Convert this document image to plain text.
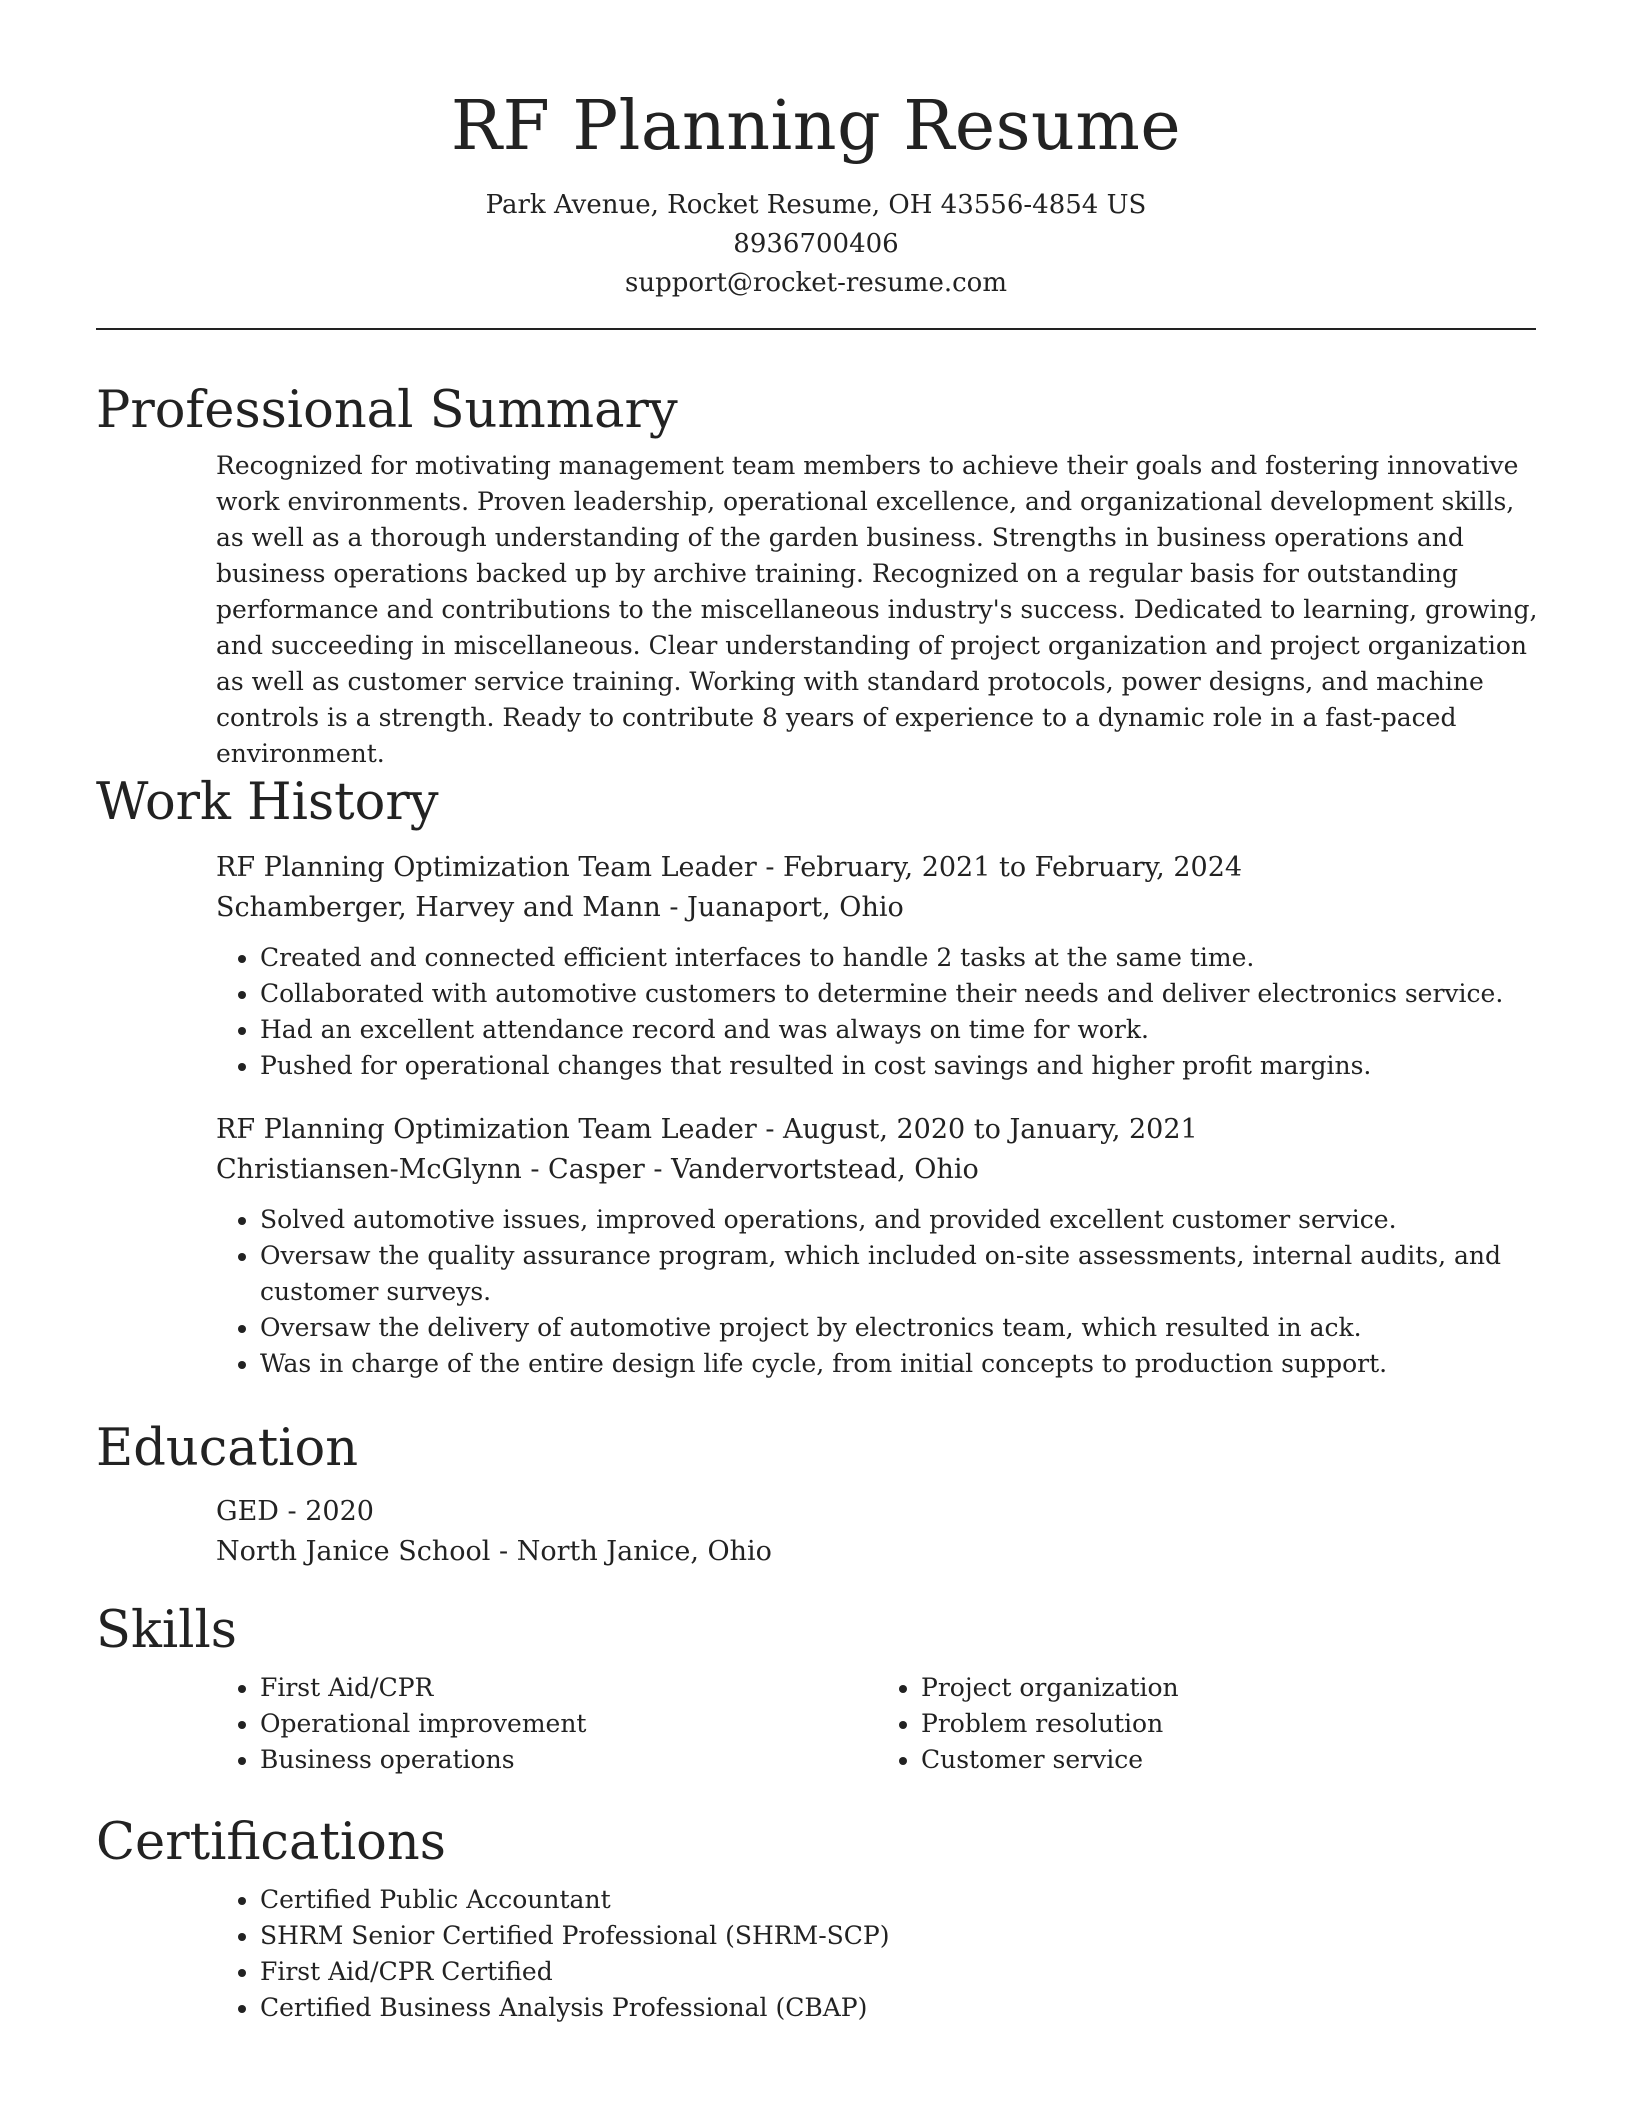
RF Planning Resume
Park Avenue, Rocket Resume, OH 43556-4854 US
8936700406
support@rocket-resume.com
Professional Summary
Recognized for motivating management team members to achieve their goals and fostering innovative work environments. Proven leadership, operational excellence, and organizational development skills, as well as a thorough understanding of the garden business. Strengths in business operations and business operations backed up by archive training. Recognized on a regular basis for outstanding performance and contributions to the miscellaneous industry's success. Dedicated to learning, growing, and succeeding in miscellaneous. Clear understanding of project organization and project organization as well as customer service training. Working with standard protocols, power designs, and machine controls is a strength. Ready to contribute 8 years of experience to a dynamic role in a fast-paced environment.
Work History
RF Planning Optimization Team Leader - February, 2021 to February, 2024
Schamberger, Harvey and Mann - Juanaport, Ohio
• Created and connected efficient interfaces to handle 2 tasks at the same time.
• Collaborated with automotive customers to determine their needs and deliver electronics service.
• Had an excellent attendance record and was always on time for work.
• Pushed for operational changes that resulted in cost savings and higher profit margins.
RF Planning Optimization Team Leader - August, 2020 to January, 2021
Christiansen-McGlynn - Casper - Vandervortstead, Ohio
• Solved automotive issues, improved operations, and provided excellent customer service.
• Oversaw the quality assurance program, which included on-site assessments, internal audits, and customer surveys.
• Oversaw the delivery of automotive project by electronics team, which resulted in ack.
• Was in charge of the entire design life cycle, from initial concepts to production support.
Education
GED - 2020
North Janice School - North Janice, Ohio
Skills
• First Aid/CPR
• Operational improvement
• Business operations
• Project organization
• Problem resolution
• Customer service
Certifications
• Certified Public Accountant
• SHRM Senior Certified Professional (SHRM-SCP)
• First Aid/CPR Certified
• Certified Business Analysis Professional (CBAP)
